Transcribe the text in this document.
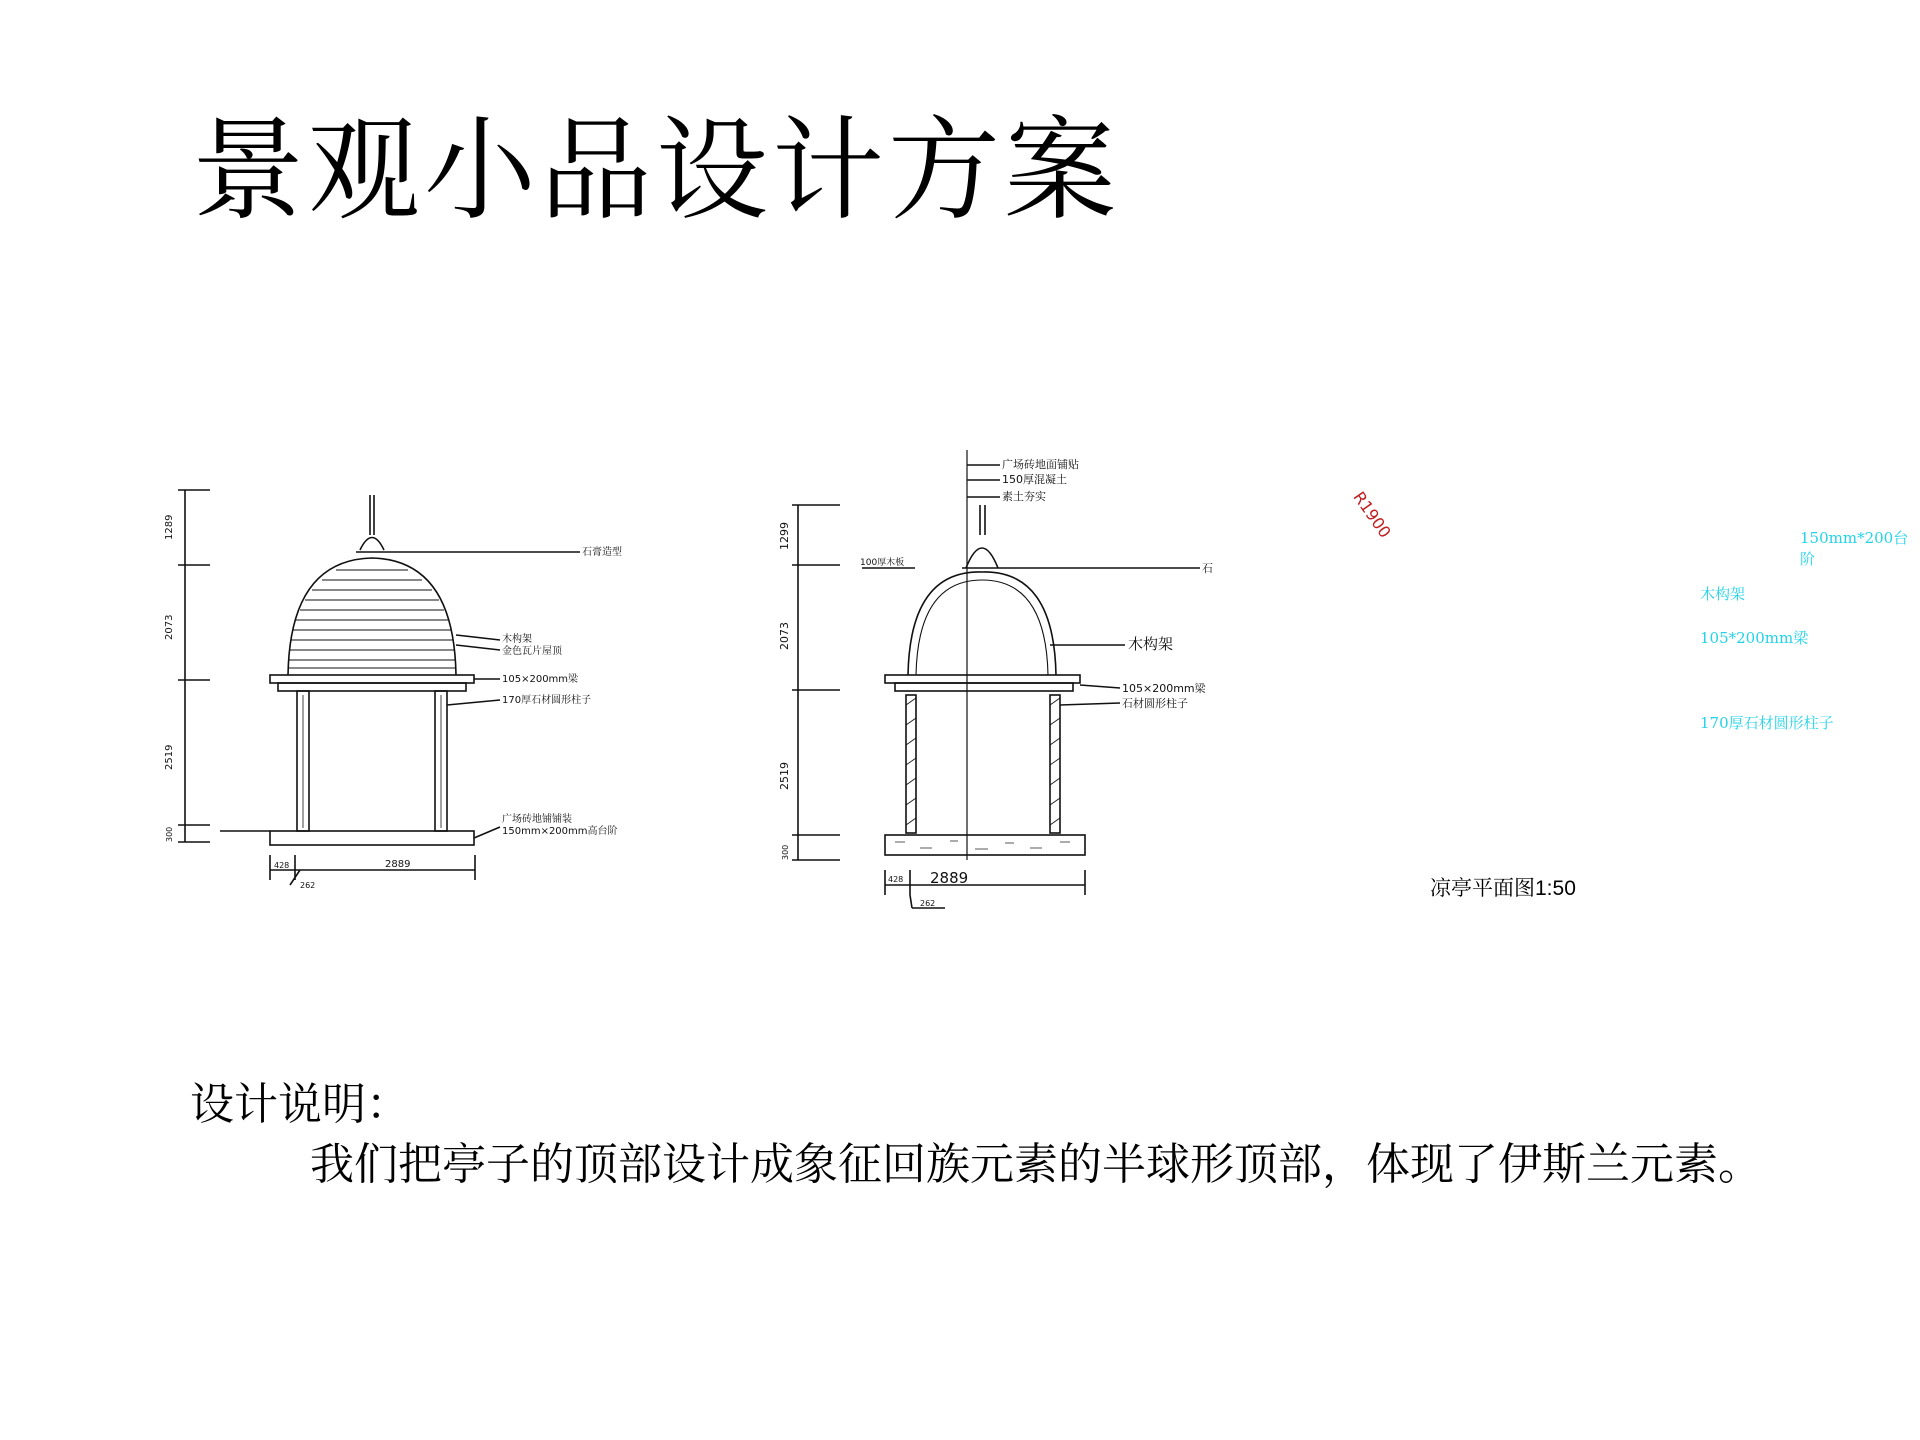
景观小品设计方案
1289
2073
2519
300
428
262
2889
石膏造型
木构架
金色瓦片屋顶
105×200mm梁
170厚石材圆形柱子
广场砖地铺铺装
150mm×200mm高台阶
1299
2073
2519
300
428 2889
262
广场砖地面铺贴
150厚混凝土
素土夯实
100厚木板	石
木构架
105×200mm梁
石材圆形柱子
R1900	150mm*200台阶
木构架
105*200mm梁
170厚石材圆形柱子
凉亭平面图1:50
设计说明：
我们把亭子的顶部设计成象征回族元素的半球形顶部，体现了伊斯兰元素。
